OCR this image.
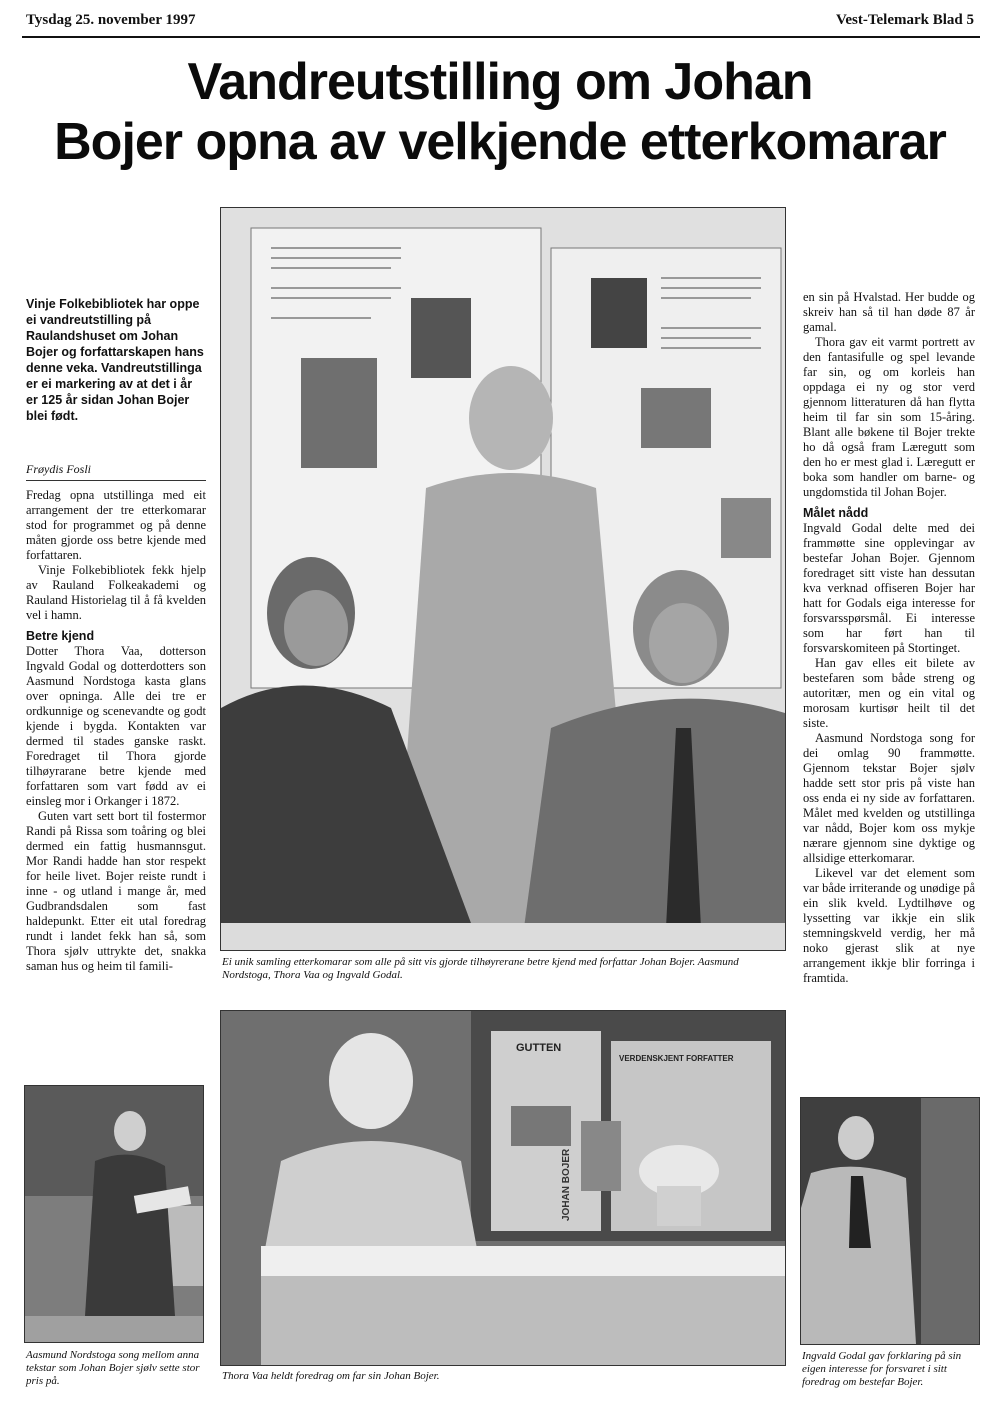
Tysdag 25. november 1997	Vest-Telemark Blad 5
Vandreutstilling om Johan
Bojer opna av velkjende etterkomarar
Vinje Folkebibliotek har oppe ei vandreutstilling på Raulandshuset om Johan Bojer og forfattarskapen hans denne veka. Vandreutstillinga er ei markering av at det i år er 125 år sidan Johan Bojer blei født.
Frøydis Fosli

Fredag opna utstillinga med eit arrangement der tre etterkomarar stod for programmet og på denne måten gjorde oss betre kjende med forfattaren.

Vinje Folkebibliotek fekk hjelp av Rauland Folkeakademi og Rauland Historielag til å få kvelden vel i hamn.

Betre kjend

Dotter Thora Vaa, dotterson Ingvald Godal og dotterdotters son Aasmund Nordstoga kasta glans over opninga. Alle dei tre er ordkunnige og scenevandte og godt kjende i bygda. Kontakten var dermed til stades ganske raskt. Foredraget til Thora gjorde tilhøyrarane betre kjende med forfattaren som vart fødd av ei einsleg mor i Orkanger i 1872.

Guten vart sett bort til fostermor Randi på Rissa som toåring og blei dermed ein fattig husmannsgut. Mor Randi hadde han stor respekt for heile livet. Bojer reiste rundt i inne - og utland i mange år, med Gudbrandsdalen som fast haldepunkt. Etter eit utal foredrag rundt i landet fekk han så, som Thora sjølv uttrykte det, snakka saman hus og heim til famili-

en sin på Hvalstad. Her budde og skreiv han så til han døde 87 år gamal.

Thora gav eit varmt portrett av den fantasifulle og spel levande far sin, og om korleis han oppdaga ei ny og stor verd gjennom litteraturen då han flytta heim til far sin som 15-åring. Blant alle bøkene til Bojer trekte ho då også fram Læregutt som den ho er mest glad i. Læregutt er boka som handler om barne- og ungdomstida til Johan Bojer.

Målet nådd

Ingvald Godal delte med dei frammøtte sine opplevingar av bestefar Johan Bojer. Gjennom foredraget sitt viste han dessutan kva verknad offiseren Bojer har hatt for Godals eiga interesse for forsvarsspørsmål. Ei interesse som har ført han til forsvarskomiteen på Stortinget.

Han gav elles eit bilete av bestefaren som både streng og autoritær, men og ein vital og morosam kurtisør heilt til det siste.

Aasmund Nordstoga song for dei omlag 90 frammøtte. Gjennom tekstar Bojer sjølv hadde sett stor pris på viste han oss enda ei ny side av forfattaren. Målet med kvelden og utstillinga var nådd, Bojer kom oss mykje nærare gjennom sine dyktige og allsidige etterkomarar.

Likevel var det element som var både irriterande og unødige på ein slik kveld. Lydtilhøve og lyssetting var ikkje ein slik stemningskveld verdig, her må noko gjerast slik at nye arrangement ikkje blir forringa i framtida.

Ei unik samling etterkomarar som alle på sitt vis gjorde tilhøyrerane betre kjend med forfattar Johan Bojer. Aasmund Nordstoga, Thora Vaa og Ingvald Godal.
Aasmund Nordstoga song mellom anna tekstar som Johan Bojer sjølv sette stor pris på.
GUTTEN
VERDENSKJENT FORFATTER
JOHAN BOJER
Thora Vaa heldt foredrag om far sin Johan Bojer.
Ingvald Godal gav forklaring på sin eigen interesse for forsvaret i sitt foredrag om bestefar Bojer.
